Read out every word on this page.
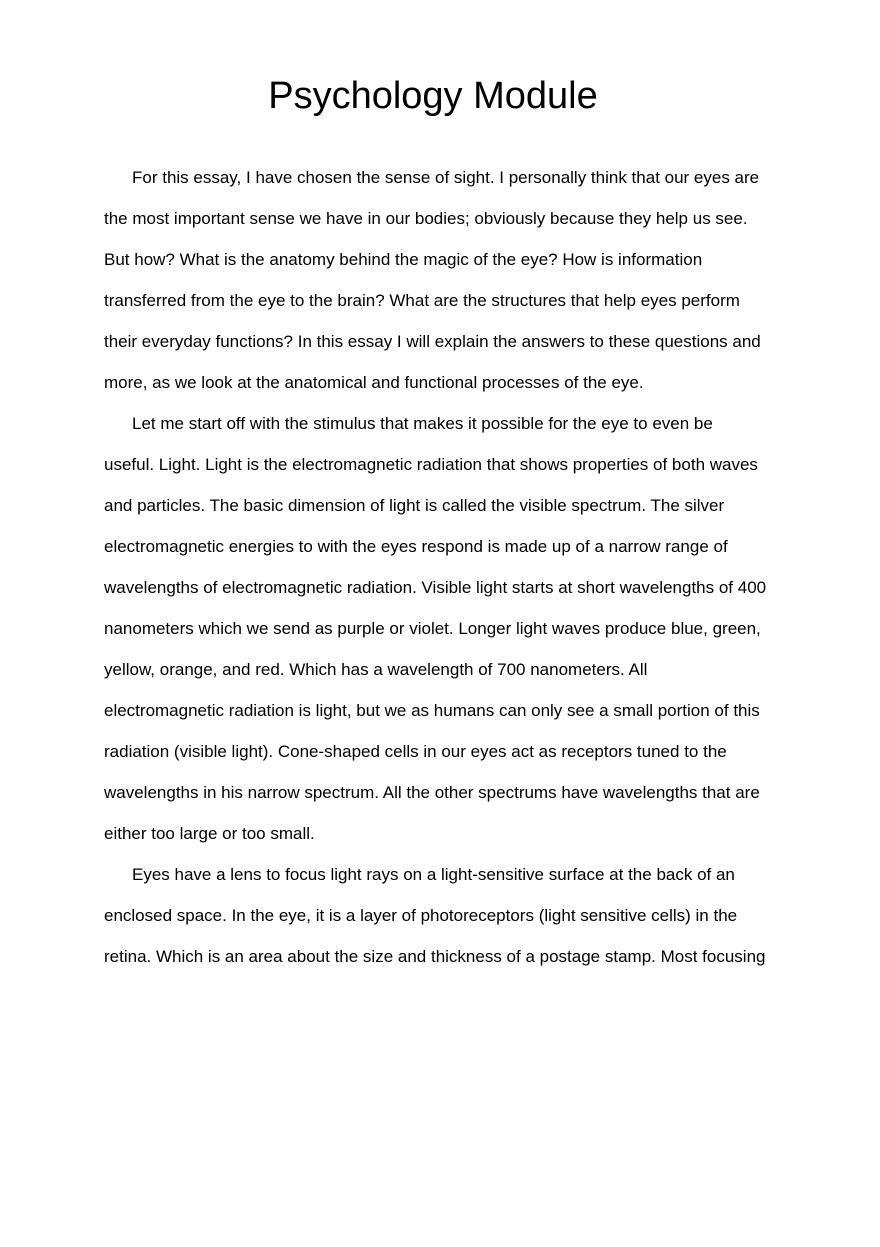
Psychology Module
For this essay, I have chosen the sense of sight. I personally think that our eyes are
the most important sense we have in our bodies; obviously because they help us see.
But how? What is the anatomy behind the magic of the eye? How is information
transferred from the eye to the brain? What are the structures that help eyes perform
their everyday functions? In this essay I will explain the answers to these questions and
more, as we look at the anatomical and functional processes of the eye.
Let me start off with the stimulus that makes it possible for the eye to even be
useful. Light. Light is the electromagnetic radiation that shows properties of both waves
and particles. The basic dimension of light is called the visible spectrum. The silver
electromagnetic energies to with the eyes respond is made up of a narrow range of
wavelengths of electromagnetic radiation. Visible light starts at short wavelengths of 400
nanometers which we send as purple or violet. Longer light waves produce blue, green,
yellow, orange, and red. Which has a wavelength of 700 nanometers. All
electromagnetic radiation is light, but we as humans can only see a small portion of this
radiation (visible light). Cone-shaped cells in our eyes act as receptors tuned to the
wavelengths in his narrow spectrum. All the other spectrums have wavelengths that are
either too large or too small.
Eyes have a lens to focus light rays on a light-sensitive surface at the back of an
enclosed space. In the eye, it is a layer of photoreceptors (light sensitive cells) in the
retina. Which is an area about the size and thickness of a postage stamp. Most focusing
